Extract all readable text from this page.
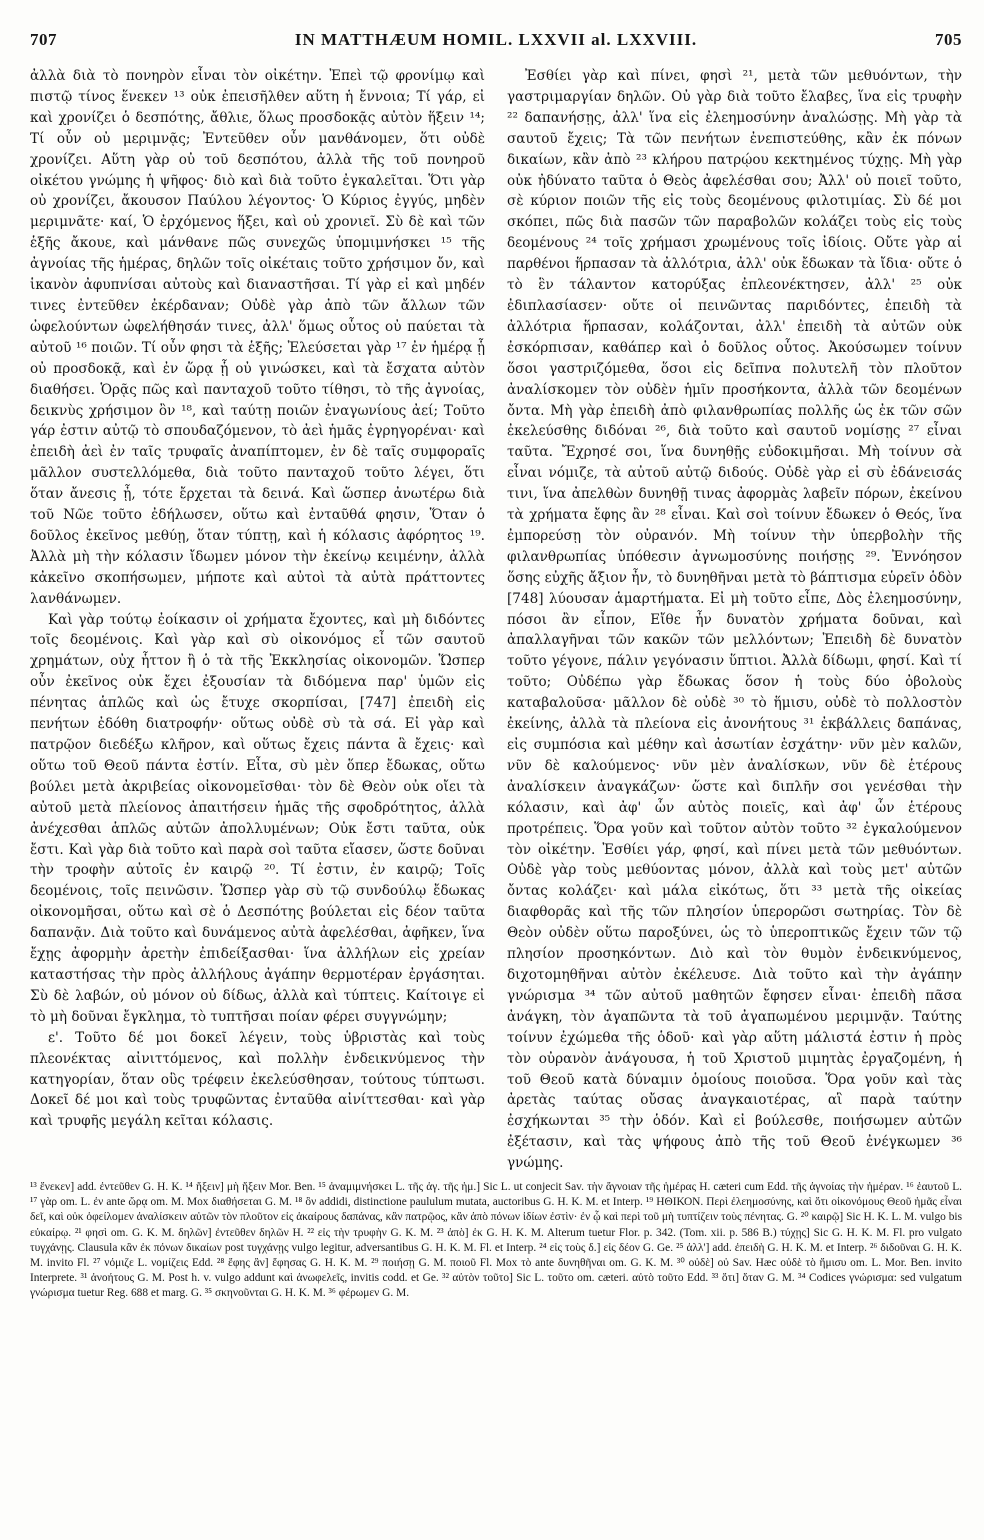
707	IN MATTHÆUM HOMIL. LXXVII al. LXXVIII.	705

ἀλλὰ διὰ τὸ πονηρὸν εἶναι τὸν οἰκέτην. Ἐπεὶ τῷ φρονίμῳ καὶ πιστῷ τίνος ἕνεκεν ¹³ οὐκ ἐπεισῆλθεν αὕτη ἡ ἔννοια; Τί γάρ, εἰ καὶ χρονίζει ὁ δεσπότης, ἄθλιε, ὅλως προσδοκᾷς αὐτὸν ἥξειν ¹⁴; Τί οὖν οὐ μεριμνᾷς; Ἐντεῦθεν οὖν μανθάνομεν, ὅτι οὐδὲ χρονίζει. Αὕτη γὰρ οὐ τοῦ δεσπότου, ἀλλὰ τῆς τοῦ πονηροῦ οἰκέτου γνώμης ἡ ψῆφος· διὸ καὶ διὰ τοῦτο ἐγκαλεῖται. Ὅτι γὰρ οὐ χρονίζει, ἄκουσον Παύλου λέγοντος· Ὁ Κύριος ἐγγύς, μηδὲν μεριμνᾶτε· καί, Ὁ ἐρχόμενος ἥξει, καὶ οὐ χρονιεῖ. Σὺ δὲ καὶ τῶν ἑξῆς ἄκουε, καὶ μάνθανε πῶς συνεχῶς ὑπομιμνήσκει ¹⁵ τῆς ἀγνοίας τῆς ἡμέρας, δηλῶν τοῖς οἰκέταις τοῦτο χρήσιμον ὄν, καὶ ἱκανὸν ἀφυπνίσαι αὐτοὺς καὶ διαναστῆσαι. Τί γὰρ εἰ καὶ μηδέν τινες ἐντεῦθεν ἐκέρδαναν; Οὐδὲ γὰρ ἀπὸ τῶν ἄλλων τῶν ὠφελούντων ὠφελήθησάν τινες, ἀλλ' ὅμως οὗτος οὐ παύεται τὰ αὐτοῦ ¹⁶ ποιῶν. Τί οὖν φησι τὰ ἑξῆς; Ἐλεύσεται γὰρ ¹⁷ ἐν ἡμέρᾳ ᾗ οὐ προσδοκᾷ, καὶ ἐν ὥρᾳ ᾗ οὐ γινώσκει, καὶ τὰ ἔσχατα αὐτὸν διαθήσει. Ὁρᾷς πῶς καὶ πανταχοῦ τοῦτο τίθησι, τὸ τῆς ἀγνοίας, δεικνὺς χρήσιμον ὂν ¹⁸, καὶ ταύτῃ ποιῶν ἐναγωνίους ἀεί; Τοῦτο γάρ ἐστιν αὐτῷ τὸ σπουδαζόμενον, τὸ ἀεὶ ἡμᾶς ἐγρηγορέναι· καὶ ἐπειδὴ ἀεὶ ἐν ταῖς τρυφαῖς ἀναπίπτομεν, ἐν δὲ ταῖς συμφοραῖς μᾶλλον συστελλόμεθα, διὰ τοῦτο πανταχοῦ τοῦτο λέγει, ὅτι ὅταν ἄνεσις ᾖ, τότε ἔρχεται τὰ δεινά. Καὶ ὥσπερ ἀνωτέρω διὰ τοῦ Νῶε τοῦτο ἐδήλωσεν, οὕτω καὶ ἐνταῦθά φησιν, Ὅταν ὁ δοῦλος ἐκεῖνος μεθύῃ, ὅταν τύπτῃ, καὶ ἡ κόλασις ἀφόρητος ¹⁹. Ἀλλὰ μὴ τὴν κόλασιν ἴδωμεν μόνον τὴν ἐκείνῳ κειμένην, ἀλλὰ κἀκεῖνο σκοπήσωμεν, μήποτε καὶ αὐτοὶ τὰ αὐτὰ πράττοντες λανθάνωμεν.

Καὶ γὰρ τούτῳ ἐοίκασιν οἱ χρήματα ἔχοντες, καὶ μὴ διδόντες τοῖς δεομένοις. Καὶ γὰρ καὶ σὺ οἰκονόμος εἶ τῶν σαυτοῦ χρημάτων, οὐχ ἧττον ἢ ὁ τὰ τῆς Ἐκκλησίας οἰκονομῶν. Ὥσπερ οὖν ἐκεῖνος οὐκ ἔχει ἐξουσίαν τὰ διδόμενα παρ' ὑμῶν εἰς πένητας ἁπλῶς καὶ ὡς ἔτυχε σκορπίσαι, [747] ἐπειδὴ εἰς πενήτων ἐδόθη διατροφήν· οὕτως οὐδὲ σὺ τὰ σά. Εἰ γὰρ καὶ πατρῷον διεδέξω κλῆρον, καὶ οὕτως ἔχεις πάντα ἃ ἔχεις· καὶ οὕτω τοῦ Θεοῦ πάντα ἐστίν. Εἶτα, σὺ μὲν ὅπερ ἔδωκας, οὕτω βούλει μετὰ ἀκριβείας οἰκονομεῖσθαι· τὸν δὲ Θεὸν οὐκ οἴει τὰ αὐτοῦ μετὰ πλείονος ἀπαιτήσειν ἡμᾶς τῆς σφοδρότητος, ἀλλὰ ἀνέχεσθαι ἁπλῶς αὐτῶν ἀπολλυμένων; Οὐκ ἔστι ταῦτα, οὐκ ἔστι. Καὶ γὰρ διὰ τοῦτο καὶ παρὰ σοὶ ταῦτα εἴασεν, ὥστε δοῦναι τὴν τροφὴν αὐτοῖς ἐν καιρῷ ²⁰. Τί ἐστιν, ἐν καιρῷ; Τοῖς δεομένοις, τοῖς πεινῶσιν. Ὥσπερ γὰρ σὺ τῷ συνδούλῳ ἔδωκας οἰκονομῆσαι, οὕτω καὶ σὲ ὁ Δεσπότης βούλεται εἰς δέον ταῦτα δαπανᾷν. Διὰ τοῦτο καὶ δυνάμενος αὐτὰ ἀφελέσθαι, ἀφῆκεν, ἵνα ἔχῃς ἀφορμὴν ἀρετὴν ἐπιδείξασθαι· ἵνα ἀλλήλων εἰς χρείαν καταστήσας τὴν πρὸς ἀλλήλους ἀγάπην θερμοτέραν ἐργάσηται. Σὺ δὲ λαβών, οὐ μόνον οὐ δίδως, ἀλλὰ καὶ τύπτεις. Καίτοιγε εἰ τὸ μὴ δοῦναι ἔγκλημα, τὸ τυπτῆσαι ποίαν φέρει συγγνώμην;

ε'. Τοῦτο δέ μοι δοκεῖ λέγειν, τοὺς ὑβριστὰς καὶ τοὺς πλεονέκτας αἰνιττόμενος, καὶ πολλὴν ἐνδεικνύμενος τὴν κατηγορίαν, ὅταν οὓς τρέφειν ἐκελεύσθησαν, τούτους τύπτωσι. Δοκεῖ δέ μοι καὶ τοὺς τρυφῶντας ἐνταῦθα αἰνίττεσθαι· καὶ γὰρ καὶ τρυφῆς μεγάλη κεῖται κόλασις.

Ἐσθίει γὰρ καὶ πίνει, φησὶ ²¹, μετὰ τῶν μεθυόντων, τὴν γαστριμαργίαν δηλῶν. Οὐ γὰρ διὰ τοῦτο ἔλαβες, ἵνα εἰς τρυφὴν ²² δαπανήσῃς, ἀλλ' ἵνα εἰς ἐλεημοσύνην ἀναλώσῃς. Μὴ γὰρ τὰ σαυτοῦ ἔχεις; Τὰ τῶν πενήτων ἐνεπιστεύθης, κἂν ἐκ πόνων δικαίων, κἂν ἀπὸ ²³ κλήρου πατρῴου κεκτημένος τύχῃς. Μὴ γὰρ οὐκ ἠδύνατο ταῦτα ὁ Θεὸς ἀφελέσθαι σου; Ἀλλ' οὐ ποιεῖ τοῦτο, σὲ κύριον ποιῶν τῆς εἰς τοὺς δεομένους φιλοτιμίας. Σὺ δέ μοι σκόπει, πῶς διὰ πασῶν τῶν παραβολῶν κολάζει τοὺς εἰς τοὺς δεομένους ²⁴ τοῖς χρήμασι χρωμένους τοῖς ἰδίοις. Οὔτε γὰρ αἱ παρθένοι ἥρπασαν τὰ ἀλλότρια, ἀλλ' οὐκ ἔδωκαν τὰ ἴδια· οὔτε ὁ τὸ ἓν τάλαντον κατορύξας ἐπλεονέκτησεν, ἀλλ' ²⁵ οὐκ ἐδιπλασίασεν· οὔτε οἱ πεινῶντας παριδόντες, ἐπειδὴ τὰ ἀλλότρια ἥρπασαν, κολάζονται, ἀλλ' ἐπειδὴ τὰ αὐτῶν οὐκ ἐσκόρπισαν, καθάπερ καὶ ὁ δοῦλος οὗτος. Ἀκούσωμεν τοίνυν ὅσοι γαστριζόμεθα, ὅσοι εἰς δεῖπνα πολυτελῆ τὸν πλοῦτον ἀναλίσκομεν τὸν οὐδὲν ἡμῖν προσήκοντα, ἀλλὰ τῶν δεομένων ὄντα. Μὴ γὰρ ἐπειδὴ ἀπὸ φιλανθρωπίας πολλῆς ὡς ἐκ τῶν σῶν ἐκελεύσθης διδόναι ²⁶, διὰ τοῦτο καὶ σαυτοῦ νομίσῃς ²⁷ εἶναι ταῦτα. Ἔχρησέ σοι, ἵνα δυνηθῇς εὐδοκιμῆσαι. Μὴ τοίνυν σὰ εἶναι νόμιζε, τὰ αὐτοῦ αὐτῷ διδούς. Οὐδὲ γὰρ εἰ σὺ ἐδάνεισάς τινι, ἵνα ἀπελθὼν δυνηθῇ τινας ἀφορμὰς λαβεῖν πόρων, ἐκείνου τὰ χρήματα ἔφης ἂν ²⁸ εἶναι. Καὶ σοὶ τοίνυν ἔδωκεν ὁ Θεός, ἵνα ἐμπορεύσῃ τὸν οὐρανόν. Μὴ τοίνυν τὴν ὑπερβολὴν τῆς φιλανθρωπίας ὑπόθεσιν ἀγνωμοσύνης ποιήσῃς ²⁹. Ἐννόησον ὅσης εὐχῆς ἄξιον ἦν, τὸ δυνηθῆναι μετὰ τὸ βάπτισμα εὑρεῖν ὁδὸν [748] λύουσαν ἁμαρτήματα. Εἰ μὴ τοῦτο εἶπε, Δὸς ἐλεημοσύνην, πόσοι ἂν εἶπον, Εἴθε ἦν δυνατὸν χρήματα δοῦναι, καὶ ἀπαλλαγῆναι τῶν κακῶν τῶν μελλόντων; Ἐπειδὴ δὲ δυνατὸν τοῦτο γέγονε, πάλιν γεγόνασιν ὕπτιοι. Ἀλλὰ δίδωμι, φησί. Καὶ τί τοῦτο; Οὐδέπω γὰρ ἔδωκας ὅσον ἡ τοὺς δύο ὀβολοὺς καταβαλοῦσα· μᾶλλον δὲ οὐδὲ ³⁰ τὸ ἥμισυ, οὐδὲ τὸ πολλοστὸν ἐκείνης, ἀλλὰ τὰ πλείονα εἰς ἀνονήτους ³¹ ἐκβάλλεις δαπάνας, εἰς συμπόσια καὶ μέθην καὶ ἀσωτίαν ἐσχάτην· νῦν μὲν καλῶν, νῦν δὲ καλούμενος· νῦν μὲν ἀναλίσκων, νῦν δὲ ἑτέρους ἀναλίσκειν ἀναγκάζων· ὥστε καὶ διπλῆν σοι γενέσθαι τὴν κόλασιν, καὶ ἀφ' ὧν αὐτὸς ποιεῖς, καὶ ἀφ' ὧν ἑτέρους προτρέπεις. Ὅρα γοῦν καὶ τοῦτον αὐτὸν τοῦτο ³² ἐγκαλούμενον τὸν οἰκέτην. Ἐσθίει γάρ, φησί, καὶ πίνει μετὰ τῶν μεθυόντων. Οὐδὲ γὰρ τοὺς μεθύοντας μόνον, ἀλλὰ καὶ τοὺς μετ' αὐτῶν ὄντας κολάζει· καὶ μάλα εἰκότως, ὅτι ³³ μετὰ τῆς οἰκείας διαφθορᾶς καὶ τῆς τῶν πλησίον ὑπερορῶσι σωτηρίας. Τὸν δὲ Θεὸν οὐδὲν οὕτω παροξύνει, ὡς τὸ ὑπεροπτικῶς ἔχειν τῶν τῷ πλησίον προσηκόντων. Διὸ καὶ τὸν θυμὸν ἐνδεικνύμενος, διχοτομηθῆναι αὐτὸν ἐκέλευσε. Διὰ τοῦτο καὶ τὴν ἀγάπην γνώρισμα ³⁴ τῶν αὐτοῦ μαθητῶν ἔφησεν εἶναι· ἐπειδὴ πᾶσα ἀνάγκη, τὸν ἀγαπῶντα τὰ τοῦ ἀγαπωμένου μεριμνᾷν. Ταύτης τοίνυν ἐχώμεθα τῆς ὁδοῦ· καὶ γὰρ αὕτη μάλιστά ἐστιν ἡ πρὸς τὸν οὐρανὸν ἀνάγουσα, ἡ τοῦ Χριστοῦ μιμητὰς ἐργαζομένη, ἡ τοῦ Θεοῦ κατὰ δύναμιν ὁμοίους ποιοῦσα. Ὅρα γοῦν καὶ τὰς ἀρετὰς ταύτας οὔσας ἀναγκαιοτέρας, αἳ παρὰ ταύτην ἐσχήκωνται ³⁵ τὴν ὁδόν. Καὶ εἰ βούλεσθε, ποιήσωμεν αὐτῶν ἐξέτασιν, καὶ τὰς ψήφους ἀπὸ τῆς τοῦ Θεοῦ ἐνέγκωμεν ³⁶ γνώμης.

¹³ ἕνεκεν] add. ἐντεῦθεν G. H. K. ¹⁴ ἥξειν] μὴ ἥξειν Mor. Ben. ¹⁵ ἀναμιμνήσκει L. τῆς ἀγ. τῆς ἡμ.] Sic L. ut conjecit Sav. τὴν ἄγνοιαν τῆς ἡμέρας H. cæteri cum Edd. τῆς ἀγνοίας τὴν ἡμέραν. ¹⁶ ἑαυτοῦ L. ¹⁷ γὰρ om. L. ἐν ante ὥρᾳ om. M. Mox διαθήσεται G. M. ¹⁸ ὂν addidi, distinctione paululum mutata, auctoribus G. H. K. M. et Interp. ¹⁹ ΗΘΙΚΟΝ. Περὶ ἐλεημοσύνης, καὶ ὅτι οἰκονόμους Θεοῦ ἡμᾶς εἶναι δεῖ, καὶ οὐκ ὀφείλομεν ἀναλίσκειν αὐτῶν τὸν πλοῦτον εἰς ἀκαίρους δαπάνας, κἂν πατρῷος, κἂν ἀπὸ πόνων ἰδίων ἐστὶν· ἐν ᾧ καὶ περὶ τοῦ μὴ τυπτίζειν τοὺς πένητας. G. ²⁰ καιρῷ] Sic H. K. L. M. vulgo bis εὐκαίρῳ. ²¹ φησὶ om. G. K. M. δηλῶν] ἐντεῦθεν δηλῶν H. ²² εἰς τὴν τρυφὴν G. K. M. ²³ ἀπὸ] ἐκ G. H. K. M. Alterum tuetur Flor. p. 342. (Tom. xii. p. 586 B.) τύχῃς] Sic G. H. K. M. Fl. pro vulgato τυγχάνῃς. Clausula κἂν ἐκ πόνων δικαίων post τυγχάνῃς vulgo legitur, adversantibus G. H. K. M. Fl. et Interp. ²⁴ εἰς τοὺς δ.] εἰς δέον G. Ge. ²⁵ ἀλλ'] add. ἐπειδὴ G. H. K. M. et Interp. ²⁶ διδοῦναι G. H. K. M. invito Fl. ²⁷ νόμιζε L. νομίζεις Edd. ²⁸ ἔφης ἂν] ἔφησας G. H. K. M. ²⁹ ποιήσῃ G. M. ποιοῦ Fl. Mox τὸ ante δυνηθῆναι om. G. K. M. ³⁰ οὐδὲ] οὐ Sav. Hæc οὐδὲ τὸ ἥμισυ om. L. Mor. Ben. invito Interprete. ³¹ ἀνοήτους G. M. Post h. v. vulgo addunt καὶ ἀνωφελεῖς, invitis codd. et Ge. ³² αὐτὸν τοῦτο] Sic L. τοῦτο om. cæteri. αὐτὸ τοῦτο Edd. ³³ ὅτι] ὅταν G. M. ³⁴ Codices γνώρισμα: sed vulgatum γνώρισμα tuetur Reg. 688 et marg. G. ³⁵ σκηνοῦνται G. H. K. M. ³⁶ φέρωμεν G. M.
